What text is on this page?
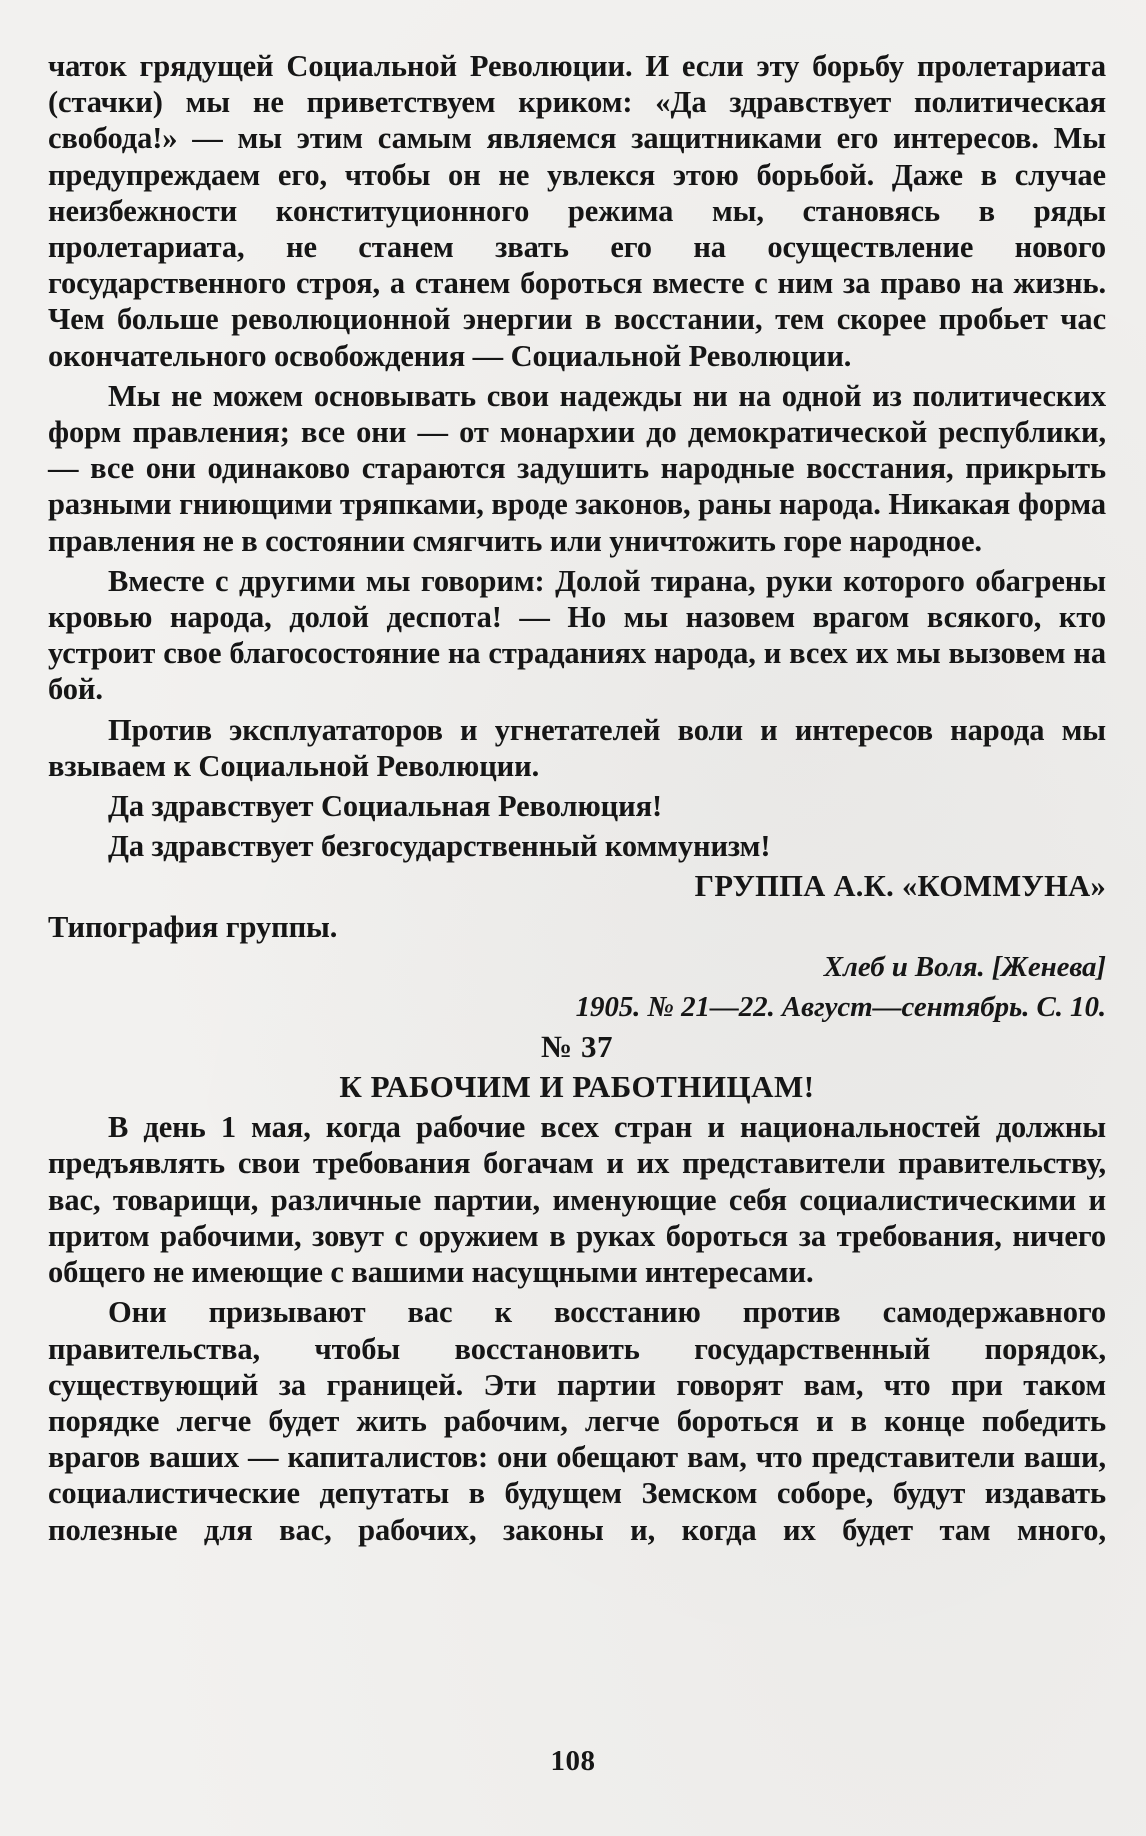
чаток грядущей Социальной Революции. И если эту борьбу пролетариата (стачки) мы не приветствуем криком: «Да здравствует политическая свобода!» — мы этим самым являемся защитниками его интересов. Мы предупреждаем его, чтобы он не увлекся этою борьбой. Даже в случае неизбежности конституционного режима мы, становясь в ряды пролетариата, не станем звать его на осуществление нового государственного строя, а станем бороться вместе с ним за право на жизнь. Чем больше революционной энергии в восстании, тем скорее пробьет час окончательного освобождения — Социальной Революции.

Мы не можем основывать свои надежды ни на одной из политических форм правления; все они — от монархии до демократической республики, — все они одинаково стараются задушить народные восстания, прикрыть разными гниющими тряпками, вроде законов, раны народа. Никакая форма правления не в состоянии смягчить или уничтожить горе народное.

Вместе с другими мы говорим: Долой тирана, руки которого обагрены кровью народа, долой деспота! — Но мы назовем врагом всякого, кто устроит свое благосостояние на страданиях народа, и всех их мы вызовем на бой.

Против эксплуататоров и угнетателей воли и интересов народа мы взываем к Социальной Революции.

Да здравствует Социальная Революция!

Да здравствует безгосударственный коммунизм!

ГРУППА А.К. «КОММУНА»

Типография группы.

Хлеб и Воля. [Женева]

1905. № 21—22. Август—сентябрь. С. 10.

№ 37

К РАБОЧИМ И РАБОТНИЦАМ!

В день 1 мая, когда рабочие всех стран и национальностей должны предъявлять свои требования богачам и их представители правительству, вас, товарищи, различные партии, именующие себя социалистическими и притом рабочими, зовут с оружием в руках бороться за требования, ничего общего не имеющие с вашими насущными интересами.

Они призывают вас к восстанию против самодержавного правительства, чтобы восстановить государственный порядок, существующий за границей. Эти партии говорят вам, что при таком порядке легче будет жить рабочим, легче бороться и в конце победить врагов ваших — капиталистов: они обещают вам, что представители ваши, социалистические депутаты в будущем Земском соборе, будут издавать полезные для вас, рабочих, законы и, когда их будет там много,

108
